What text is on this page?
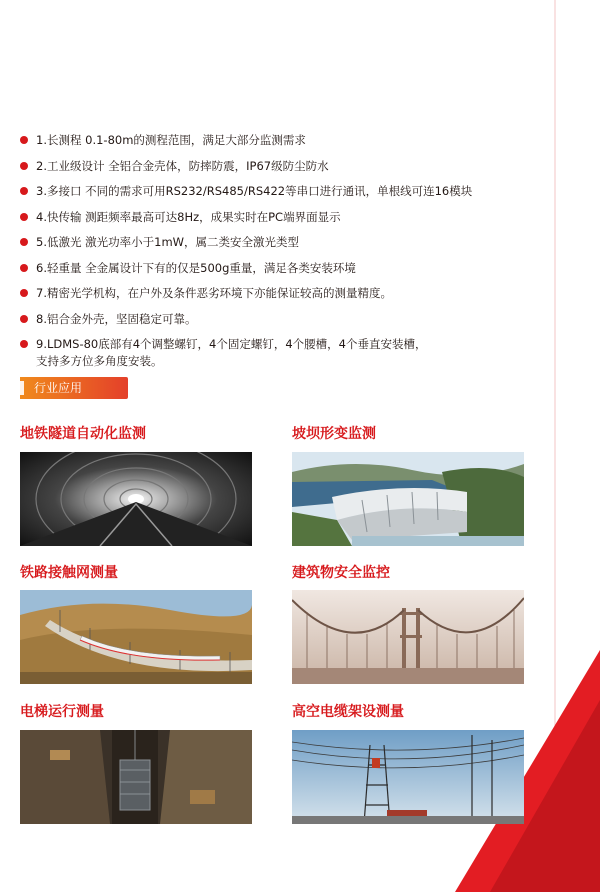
1.长测程 0.1-80m的测程范围，满足大部分监测需求
2.工业级设计 全铝合金壳体，防摔防震，IP67级防尘防水
3.多接口 不同的需求可用RS232/RS485/RS422等串口进行通讯，单根线可连16模块
4.快传输 测距频率最高可达8Hz，成果实时在PC端界面显示
5.低激光 激光功率小于1mW，属二类安全激光类型
6.轻重量 全金属设计下有的仅是500g重量，满足各类安装环境
7.精密光学机构，在户外及条件恶劣环境下亦能保证较高的测量精度。
8.铝合金外壳，坚固稳定可靠。
9.LDMS-80底部有4个调整螺钉，4个固定螺钉，4个腰槽，4个垂直安装槽，
支持多方位多角度安装。
行业应用
地铁隧道自动化监测	坡坝形变监测
铁路接触网测量	建筑物安全监控
电梯运行测量	高空电缆架设测量
